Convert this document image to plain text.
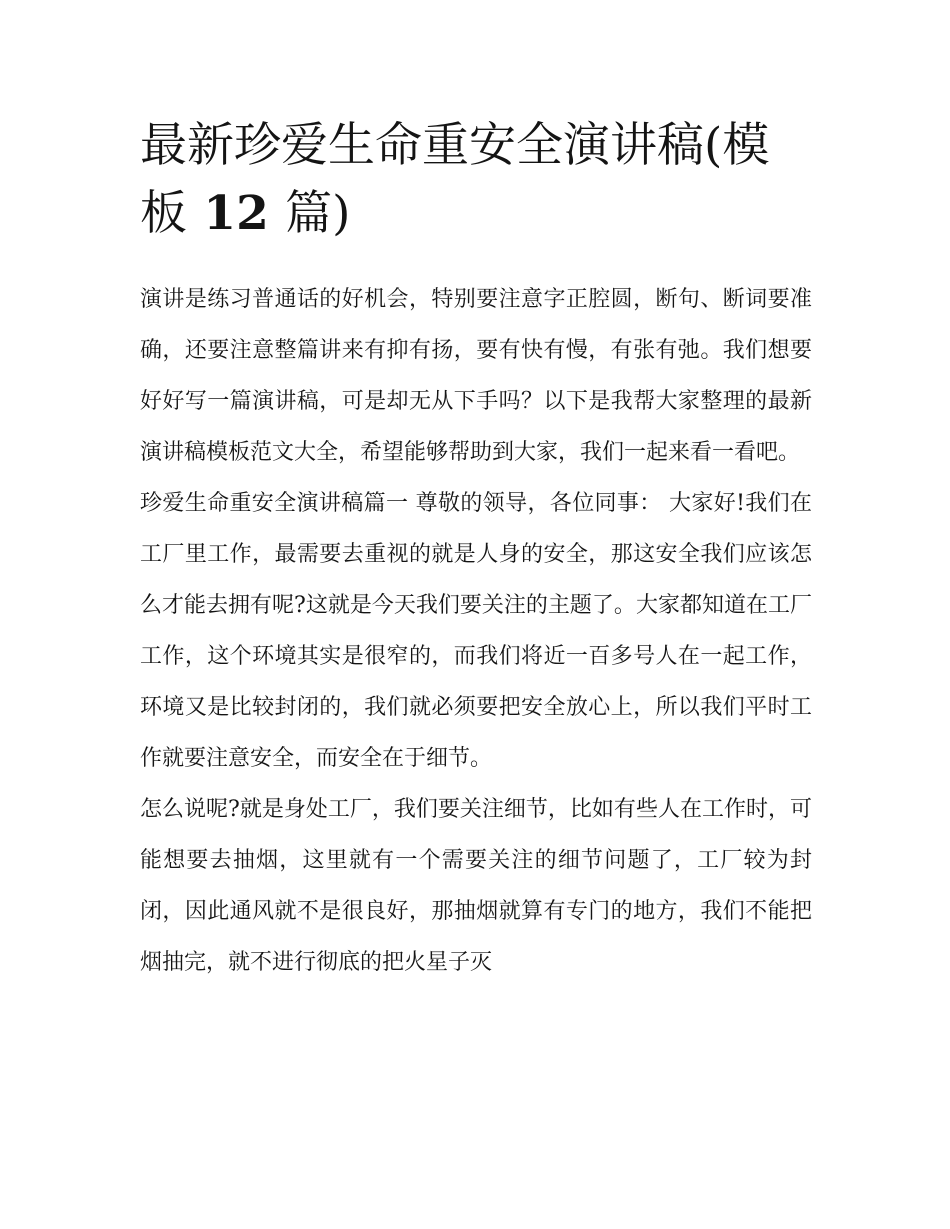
最新珍爱生命重安全演讲稿(模板 12 篇)

演讲是练习普通话的好机会，特别要注意字正腔圆，断句、断词要准确，还要注意整篇讲来有抑有扬，要有快有慢，有张有弛。我们想要好好写一篇演讲稿，可是却无从下手吗？以下是我帮大家整理的最新演讲稿模板范文大全，希望能够帮助到大家，我们一起来看一看吧。

珍爱生命重安全演讲稿篇一 尊敬的领导，各位同事： 大家好!我们在工厂里工作，最需要去重视的就是人身的安全，那这安全我们应该怎么才能去拥有呢?这就是今天我们要关注的主题了。大家都知道在工厂工作，这个环境其实是很窄的，而我们将近一百多号人在一起工作，环境又是比较封闭的，我们就必须要把安全放心上，所以我们平时工作就要注意安全，而安全在于细节。

怎么说呢?就是身处工厂，我们要关注细节，比如有些人在工作时，可能想要去抽烟，这里就有一个需要关注的细节问题了，工厂较为封闭，因此通风就不是很良好，那抽烟就算有专门的地方，我们不能把烟抽完，就不进行彻底的把火星子灭
